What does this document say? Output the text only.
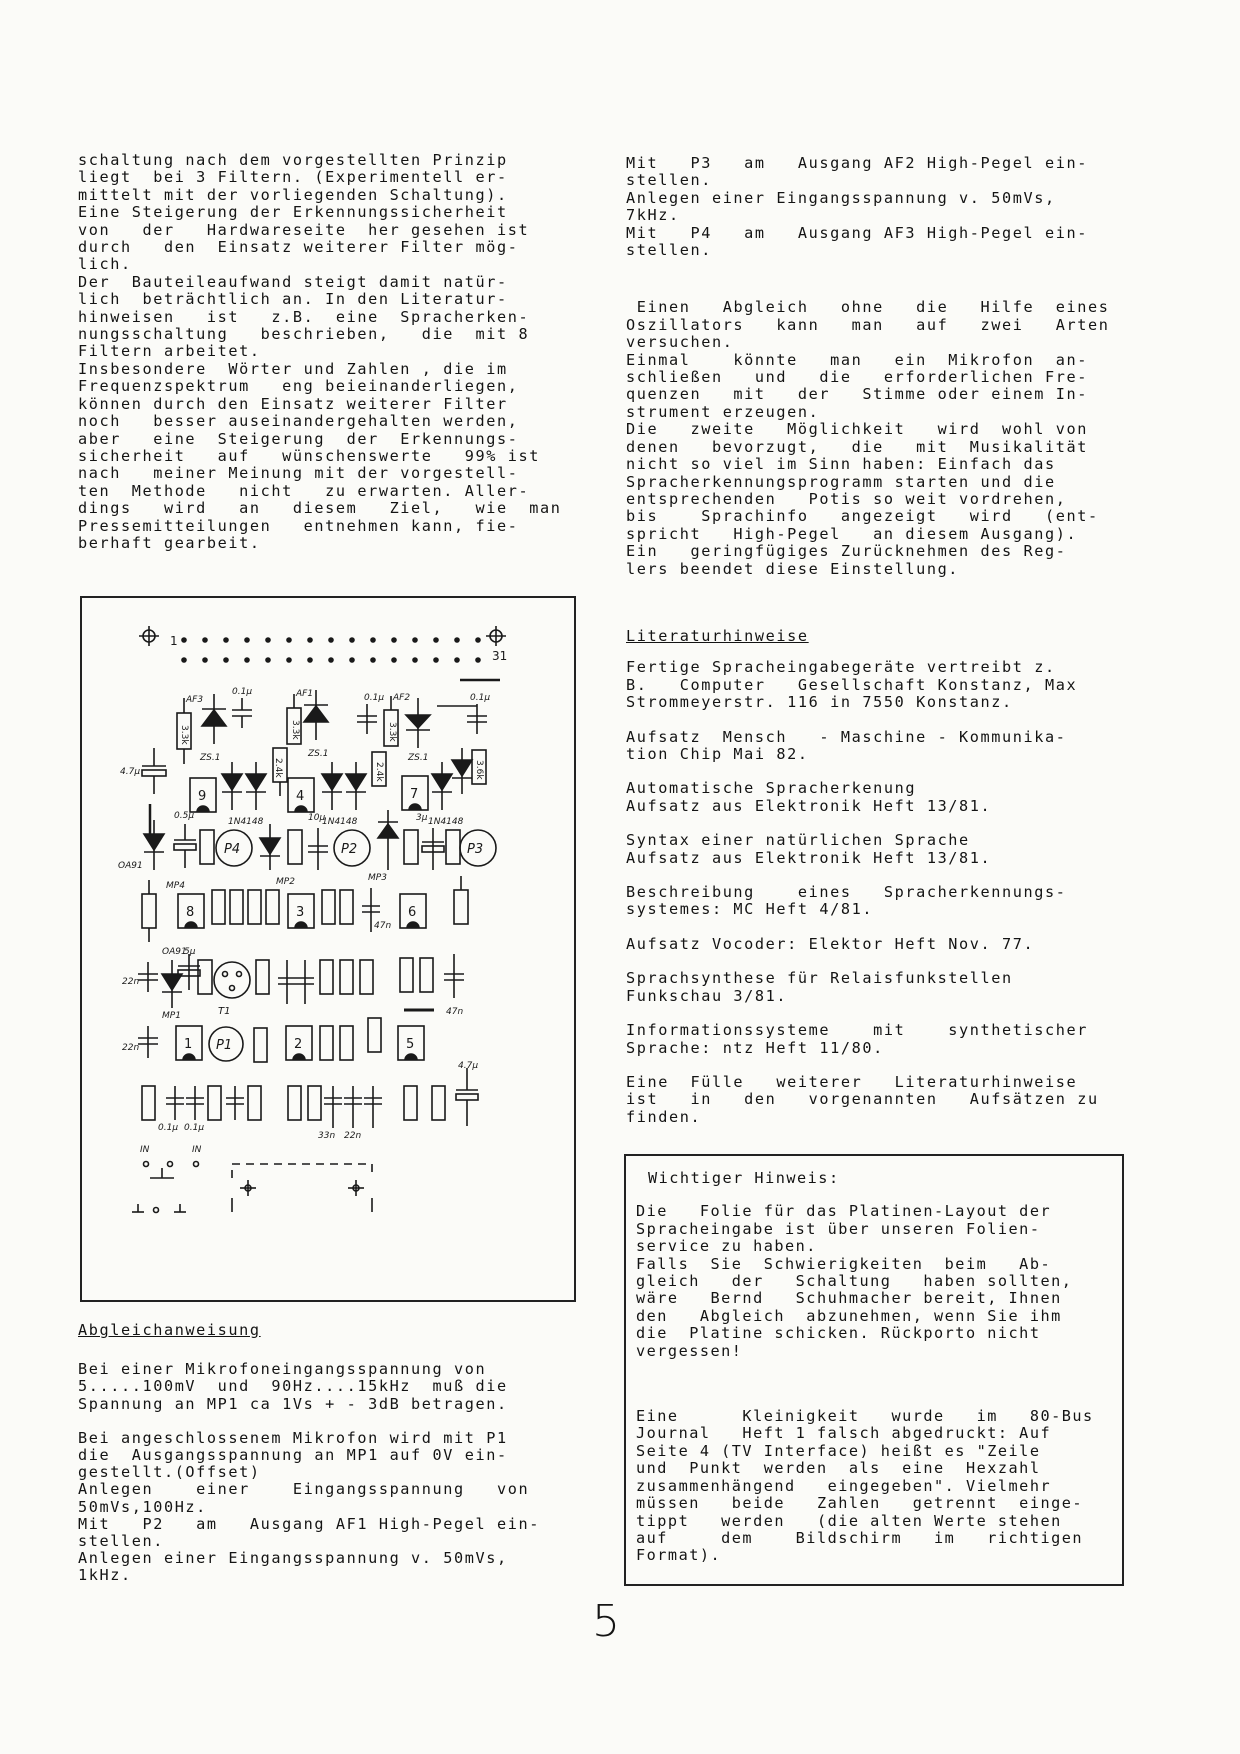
schaltung nach dem vorgestellten Prinzip

liegt  bei 3 Filtern. (Experimentell er-

mittelt mit der vorliegenden Schaltung).

Eine Steigerung der Erkennungssicherheit

von   der   Hardwareseite  her gesehen ist

durch   den  Einsatz weiterer Filter mög-

lich.

Der  Bauteileaufwand steigt damit natür-

lich  beträchtlich an. In den Literatur-

hinweisen   ist   z.B.  eine  Spracherken-

nungsschaltung   beschrieben,   die  mit 8

Filtern arbeitet.

Insbesondere  Wörter und Zahlen , die im

Frequenzspektrum   eng beieinanderliegen,

können durch den Einsatz weiterer Filter

noch   besser auseinandergehalten werden,

aber   eine  Steigerung  der  Erkennungs-

sicherheit   auf   wünschenswerte   99% ist

nach   meiner Meinung mit der vorgestell-

ten  Methode   nicht   zu erwarten. Aller-

dings   wird   an   diesem   Ziel,   wie  man

Pressemitteilungen   entnehmen kann, fie-

berhaft gearbeit.

Mit   P3   am   Ausgang AF2 High-Pegel ein-

stellen.

Anlegen einer Eingangsspannung v. 50mVs,

7kHz.

Mit   P4   am   Ausgang AF3 High-Pegel ein-

stellen.

Einen   Abgleich   ohne   die   Hilfe  eines

Oszillators   kann   man   auf   zwei   Arten

versuchen.

Einmal    könnte   man   ein  Mikrofon  an-

schließen   und   die   erforderlichen Fre-

quenzen   mit   der   Stimme oder einem In-

strument erzeugen.

Die   zweite   Möglichkeit   wird  wohl von

denen   bevorzugt,   die   mit  Musikalität

nicht so viel im Sinn haben: Einfach das

Spracherkennungsprogramm starten und die

entsprechenden   Potis so weit vordrehen,

bis    Sprachinfo   angezeigt   wird   (ent-

spricht   High-Pegel   an diesem Ausgang).

Ein   geringfügiges Zurücknehmen des Reg-

lers beendet diese Einstellung.

1
31
AF3
AF1	AF2
0.1µ
0.1µ	0.1µ
ZS.1	ZS.1	ZS.1
3.3k	3.3k	3.3k
4.7µ
9
2.4k
1N4148
4
2.4k
1N4148
7
3.6k
1N4148
OA91
0.5µ
P4
10µ
P2
3µ
P3
MP4
8
MP2
3
47n
MP3
6
OA91
5µ
22n
T1	47n
MP1
22n	1 P1	2	5
0.1µ 0.1µ
33n 22n
4.7µ
IN	IN

Abgleichanweisung

Bei einer Mikrofoneingangsspannung von
5.....100mV  und  90Hz....15kHz  muß die
Spannung an MP1 ca 1Vs + - 3dB betragen.

Bei angeschlossenem Mikrofon wird mit P1
die  Ausgangsspannung an MP1 auf 0V ein-
gestellt.(Offset)
Anlegen    einer    Eingangsspannung   von
50mVs,100Hz.
Mit   P2   am   Ausgang AF1 High-Pegel ein-
stellen.
Anlegen einer Eingangsspannung v. 50mVs,
1kHz.

Literaturhinweise

Fertige Spracheingabegeräte vertreibt z.
B.   Computer   Gesellschaft Konstanz, Max
Strommeyerstr. 116 in 7550 Konstanz.

Aufsatz  Mensch   - Maschine - Kommunika-
tion Chip Mai 82.

Automatische Spracherkenung
Aufsatz aus Elektronik Heft 13/81.

Syntax einer natürlichen Sprache
Aufsatz aus Elektronik Heft 13/81.

Beschreibung    eines   Spracherkennungs-
systemes: MC Heft 4/81.

Aufsatz Vocoder: Elektor Heft Nov. 77.

Sprachsynthese für Relaisfunkstellen
Funkschau 3/81.

Informationssysteme    mit    synthetischer
Sprache: ntz Heft 11/80.

Eine  Fülle   weiterer   Literaturhinweise
ist   in   den   vorgenannten   Aufsätzen zu
finden.

Wichtiger Hinweis:

Die   Folie für das Platinen-Layout der
Spracheingabe ist über unseren Folien-
service zu haben.
Falls  Sie  Schwierigkeiten  beim   Ab-
gleich   der   Schaltung   haben sollten,
wäre   Bernd   Schuhmacher bereit, Ihnen
den   Abgleich  abzunehmen, wenn Sie ihm
die  Platine schicken. Rückporto nicht
vergessen!

Eine      Kleinigkeit   wurde   im   80-Bus
Journal   Heft 1 falsch abgedruckt: Auf
Seite 4 (TV Interface) heißt es "Zeile
und  Punkt  werden  als  eine  Hexzahl
zusammenhängend   eingegeben". Vielmehr
müssen   beide   Zahlen   getrennt  einge-
tippt   werden   (die alten Werte stehen
auf     dem    Bildschirm   im   richtigen
Format).

5
